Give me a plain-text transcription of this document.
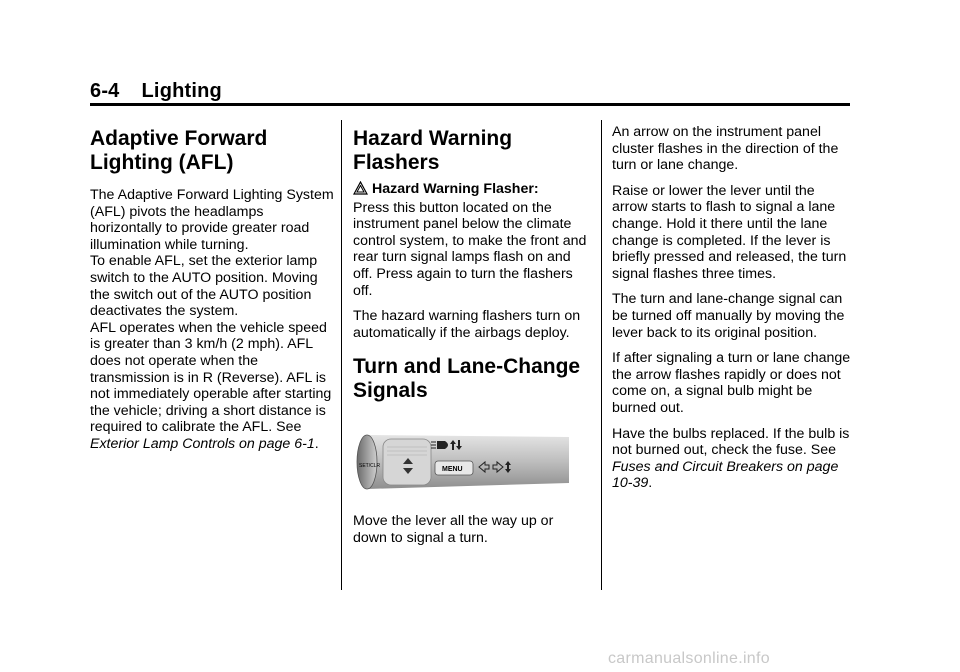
6-4 Lighting
Adaptive Forward Lighting (AFL)

The Adaptive Forward Lighting System (AFL) pivots the headlamps horizontally to provide greater road illumination while turning.

To enable AFL, set the exterior lamp switch to the AUTO position. Moving the switch out of the AUTO position deactivates the system.

AFL operates when the vehicle speed is greater than 3 km/h (2 mph). AFL does not operate when the transmission is in R (Reverse). AFL is not immediately operable after starting the vehicle; driving a short distance is required to calibrate the AFL. See Exterior Lamp Controls on page 6-1.

Hazard Warning Flashers

Hazard Warning Flasher:

Press this button located on the instrument panel below the climate control system, to make the front and rear turn signal lamps flash on and off. Press again to turn the flashers off.

The hazard warning flashers turn on automatically if the airbags deploy.

Turn and Lane-Change Signals
SET/CLR	MENU

Move the lever all the way up or down to signal a turn.

An arrow on the instrument panel cluster flashes in the direction of the turn or lane change.

Raise or lower the lever until the arrow starts to flash to signal a lane change. Hold it there until the lane change is completed. If the lever is briefly pressed and released, the turn signal flashes three times.

The turn and lane-change signal can be turned off manually by moving the lever back to its original position.

If after signaling a turn or lane change the arrow flashes rapidly or does not come on, a signal bulb might be burned out.

Have the bulbs replaced. If the bulb is not burned out, check the fuse. See Fuses and Circuit Breakers on page 10-39.

carmanualsonline.info
